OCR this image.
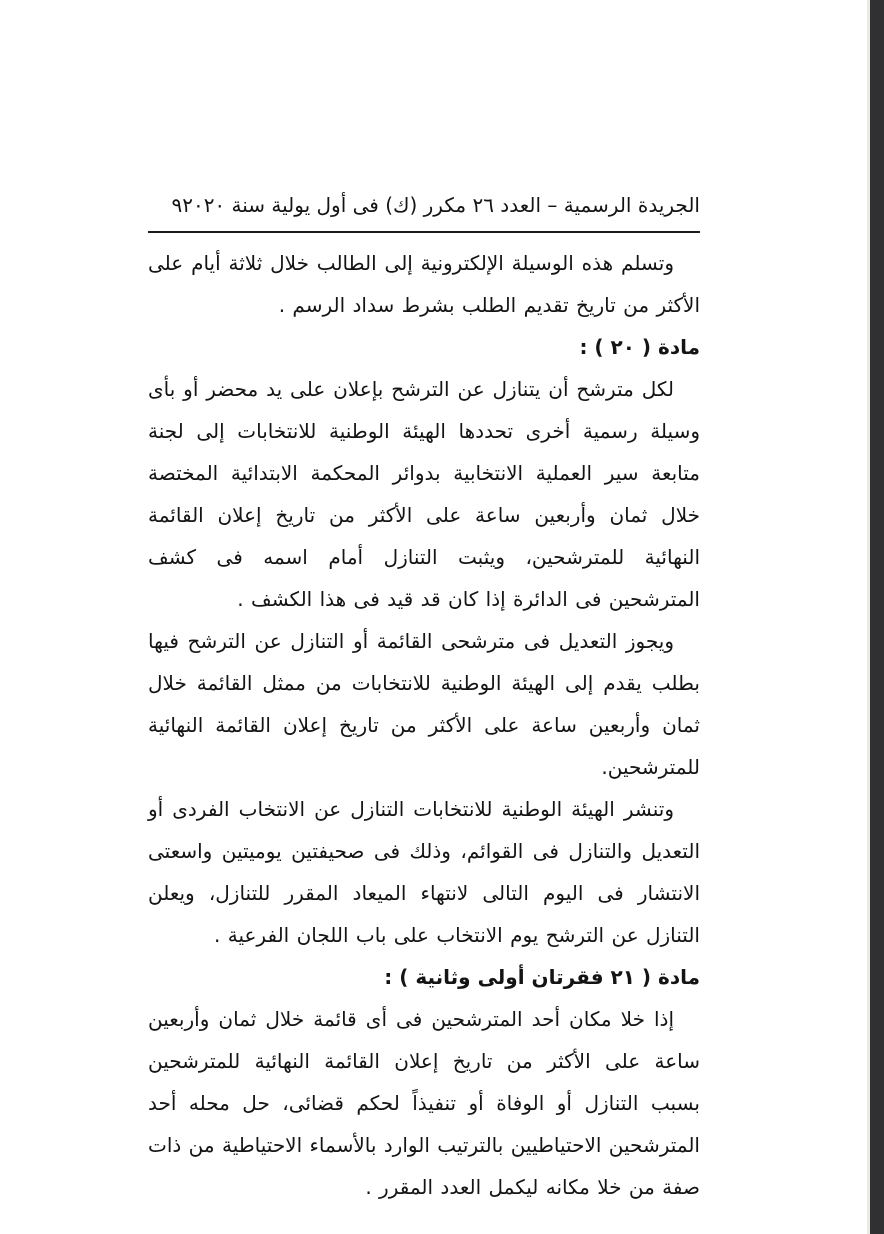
الجريدة الرسمية – العدد ٢٦ مكرر (ك) فى أول يولية سنة ٢٠٢٠
٩

وتسلم هذه الوسيلة الإلكترونية إلى الطالب خلال ثلاثة أيام على الأكثر من تاريخ تقديم الطلب بشرط سداد الرسم .

مادة ( ٢٠ ) :

لكل مترشح أن يتنازل عن الترشح بإعلان على يد محضر أو بأى وسيلة رسمية أخرى تحددها الهيئة الوطنية للانتخابات إلى لجنة متابعة سير العملية الانتخابية بدوائر المحكمة الابتدائية المختصة خلال ثمان وأربعين ساعة على الأكثر من تاريخ إعلان القائمة النهائية للمترشحين، ويثبت التنازل أمام اسمه فى كشف المترشحين فى الدائرة إذا كان قد قيد فى هذا الكشف .

ويجوز التعديل فى مترشحى القائمة أو التنازل عن الترشح فيها بطلب يقدم إلى الهيئة الوطنية للانتخابات من ممثل القائمة خلال ثمان وأربعين ساعة على الأكثر من تاريخ إعلان القائمة النهائية للمترشحين.

وتنشر الهيئة الوطنية للانتخابات التنازل عن الانتخاب الفردى أو التعديل والتنازل فى القوائم، وذلك فى صحيفتين يوميتين واسعتى الانتشار فى اليوم التالى لانتهاء الميعاد المقرر للتنازل، ويعلن التنازل عن الترشح يوم الانتخاب على باب اللجان الفرعية .

مادة ( ٢١ فقرتان أولى وثانية ) :

إذا خلا مكان أحد المترشحين فى أى قائمة خلال ثمان وأربعين ساعة على الأكثر من تاريخ إعلان القائمة النهائية للمترشحين بسبب التنازل أو الوفاة أو تنفيذاً لحكم قضائى، حل محله أحد المترشحين الاحتياطيين بالترتيب الوارد بالأسماء الاحتياطية من ذات صفة من خلا مكانه ليكمل العدد المقرر .
